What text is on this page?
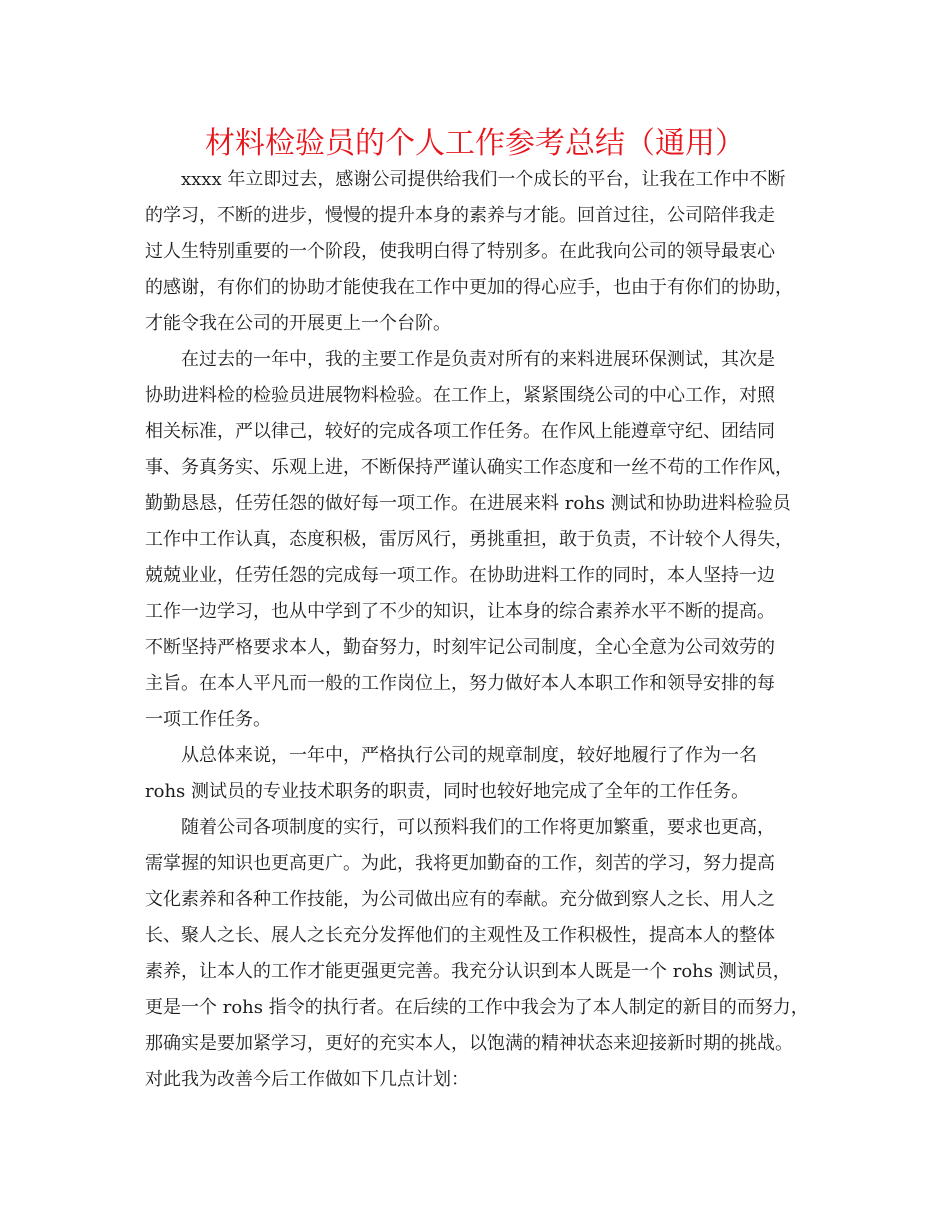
材料检验员的个人工作参考总结（通用）

xxxx 年立即过去，感谢公司提供给我们一个成长的平台，让我在工作中不断

的学习，不断的进步，慢慢的提升本身的素养与才能。回首过往，公司陪伴我走

过人生特别重要的一个阶段，使我明白得了特别多。在此我向公司的领导最衷心

的感谢，有你们的协助才能使我在工作中更加的得心应手，也由于有你们的协助，

才能令我在公司的开展更上一个台阶。

在过去的一年中，我的主要工作是负责对所有的来料进展环保测试，其次是

协助进料检的检验员进展物料检验。在工作上，紧紧围绕公司的中心工作，对照

相关标准，严以律己，较好的完成各项工作任务。在作风上能遵章守纪、团结同

事、务真务实、乐观上进，不断保持严谨认确实工作态度和一丝不苟的工作作风，

勤勤恳恳，任劳任怨的做好每一项工作。在进展来料 rohs 测试和协助进料检验员

工作中工作认真，态度积极，雷厉风行，勇挑重担，敢于负责，不计较个人得失，

兢兢业业，任劳任怨的完成每一项工作。在协助进料工作的同时，本人坚持一边

工作一边学习，也从中学到了不少的知识，让本身的综合素养水平不断的提高。

不断坚持严格要求本人，勤奋努力，时刻牢记公司制度，全心全意为公司效劳的

主旨。在本人平凡而一般的工作岗位上，努力做好本人本职工作和领导安排的每

一项工作任务。

从总体来说，一年中，严格执行公司的规章制度，较好地履行了作为一名

rohs 测试员的专业技术职务的职责，同时也较好地完成了全年的工作任务。

随着公司各项制度的实行，可以预料我们的工作将更加繁重，要求也更高，

需掌握的知识也更高更广。为此，我将更加勤奋的工作，刻苦的学习，努力提高

文化素养和各种工作技能，为公司做出应有的奉献。充分做到察人之长、用人之

长、聚人之长、展人之长充分发挥他们的主观性及工作积极性，提高本人的整体

素养，让本人的工作才能更强更完善。我充分认识到本人既是一个 rohs 测试员，

更是一个 rohs 指令的执行者。在后续的工作中我会为了本人制定的新目的而努力，

那确实是要加紧学习，更好的充实本人，以饱满的精神状态来迎接新时期的挑战。

对此我为改善今后工作做如下几点计划：
